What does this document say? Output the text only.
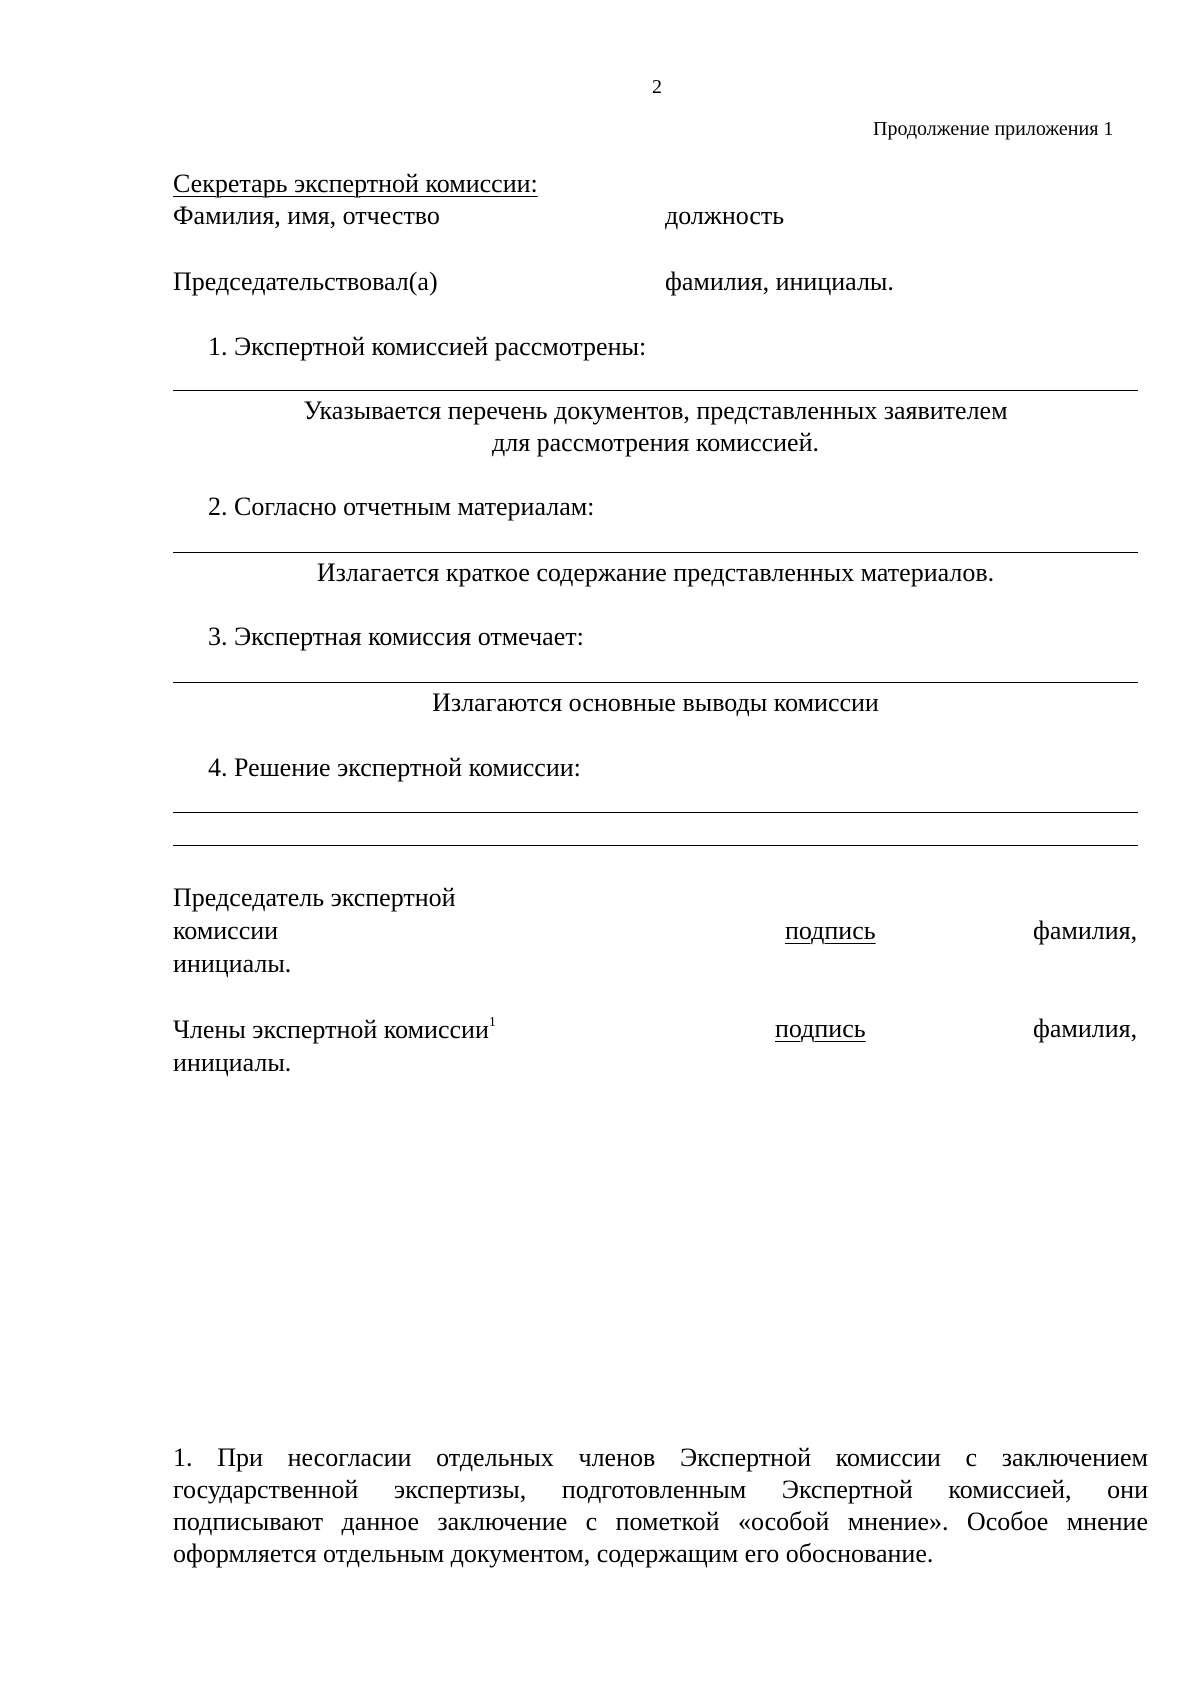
2
Продолжение приложения 1
Секретарь экспертной комиссии:
Фамилия, имя, отчество	должность
Председательствовал(а)	фамилия, инициалы.
1. Экспертной комиссией рассмотрены:
Указывается перечень документов, представленных заявителем
для рассмотрения комиссией.
2. Согласно отчетным материалам:
Излагается краткое содержание представленных материалов.
3. Экспертная комиссия отмечает:
Излагаются основные выводы комиссии
4. Решение экспертной комиссии:
Председатель экспертной
комиссии	подпись	фамилия,
инициалы.
Члены экспертной комиссии$^1$	подпись	фамилия,
инициалы.
1. При несогласии отдельных членов Экспертной комиссии с заключением государственной экспертизы, подготовленным Экспертной комиссией, они подписывают данное заключение с пометкой «особой мнение». Особое мнение оформляется отдельным документом, содержащим его обоснование.
